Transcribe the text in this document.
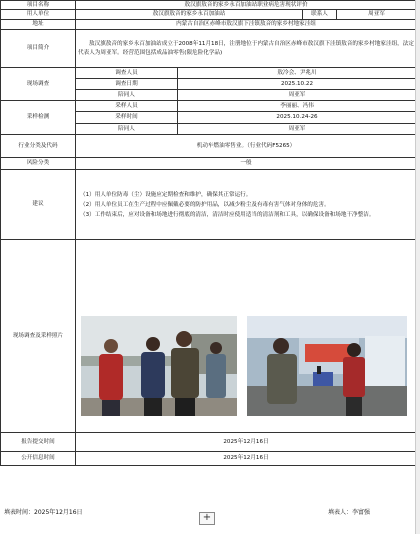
项目名称	敖汉旗敖音的家乡永百加油站职业病危害现状评价			
用人单位	敖汉旗敖音的家乡永百加油站		联系人	周亚军
地址	内蒙古自治区赤峰市敖汉旗下洼镇敖音的家乡村地家洼组			
项目简介	敖汉旗敖音的家乡永百加油站成立于2008年11月18日，注册地位于内蒙古自治区赤峰市敖汉旗下洼镇敖音的家乡村地家洼组，法定代表人为周亚军。经营范围包括成品油零售(限危险化学品)			
现场调查	调查人员	敖冷会、尹兆川		
	调查日期	2025.10.22		
	陪同人	周亚军		
采样检测	采样人员	李丽丽、冯伟		
	采样时间	2025.10.24-26		
	陪同人	周亚军		
行业分类及代码	机动车燃油零售业。（行业代码F5265）			
风险分类	一般			
建议	（1）用人单位防毒（尘）设施应定期检查和维护，确保其正常运行。
（2）用人单位员工在生产过程中应佩戴必要的防护用品，以减少粉尘及有毒有害气体对身体的危害。
（3）工作结束后，应对设备和场地进行彻底的清洁，清洁时应使用适当的清洁剂和工具，以确保设备和场地干净整洁。			

现场调查及采样照片				
报告提交时间	2025年12月16日			
公开信息时间	2025年12月16日			
填表时间：2025年12月16日	填表人：李富强
+
